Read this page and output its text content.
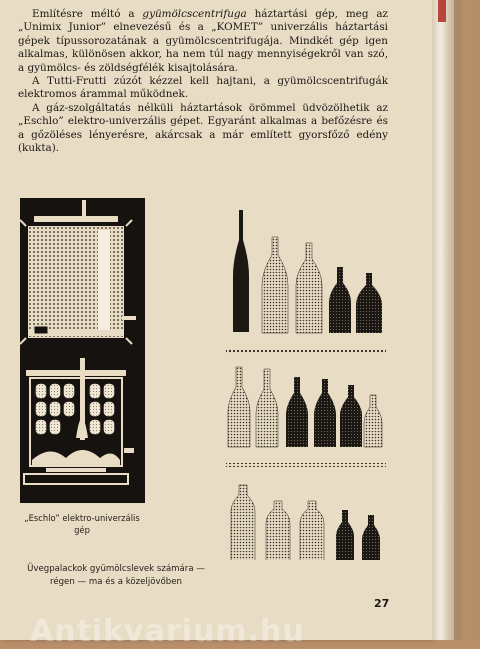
Említésre méltó a gyümölcscentrifuga háztartási gép, meg az „Unimix Junior” elnevezésű és a „KOMET” univerzális háztartási gépek típussorozatának a gyümölcscentrifugája. Mindkét gép igen alkalmas, különösen akkor, ha nem túl nagy mennyiségekről van szó, a gyümölcs- és zöldségfélék kisajtolására.

A Tutti-Frutti zúzót kézzel kell hajtani, a gyümölcscentrifugák elektromos árammal működnek.

A gáz-szolgáltatás nélküli háztartások örömmel üdvözölhetik az „Eschlo” elektro-univerzális gépet. Egyaránt alkalmas a befőzésre és a gőzöléses lényerésre, akárcsak a már említett gyorsfőző edény (kukta).

„Eschlo” elektro-univerzális gép
Üvegpalackok gyümölcslevek számára — régen — ma és a közeljövőben
27
Antikvarium.hu
